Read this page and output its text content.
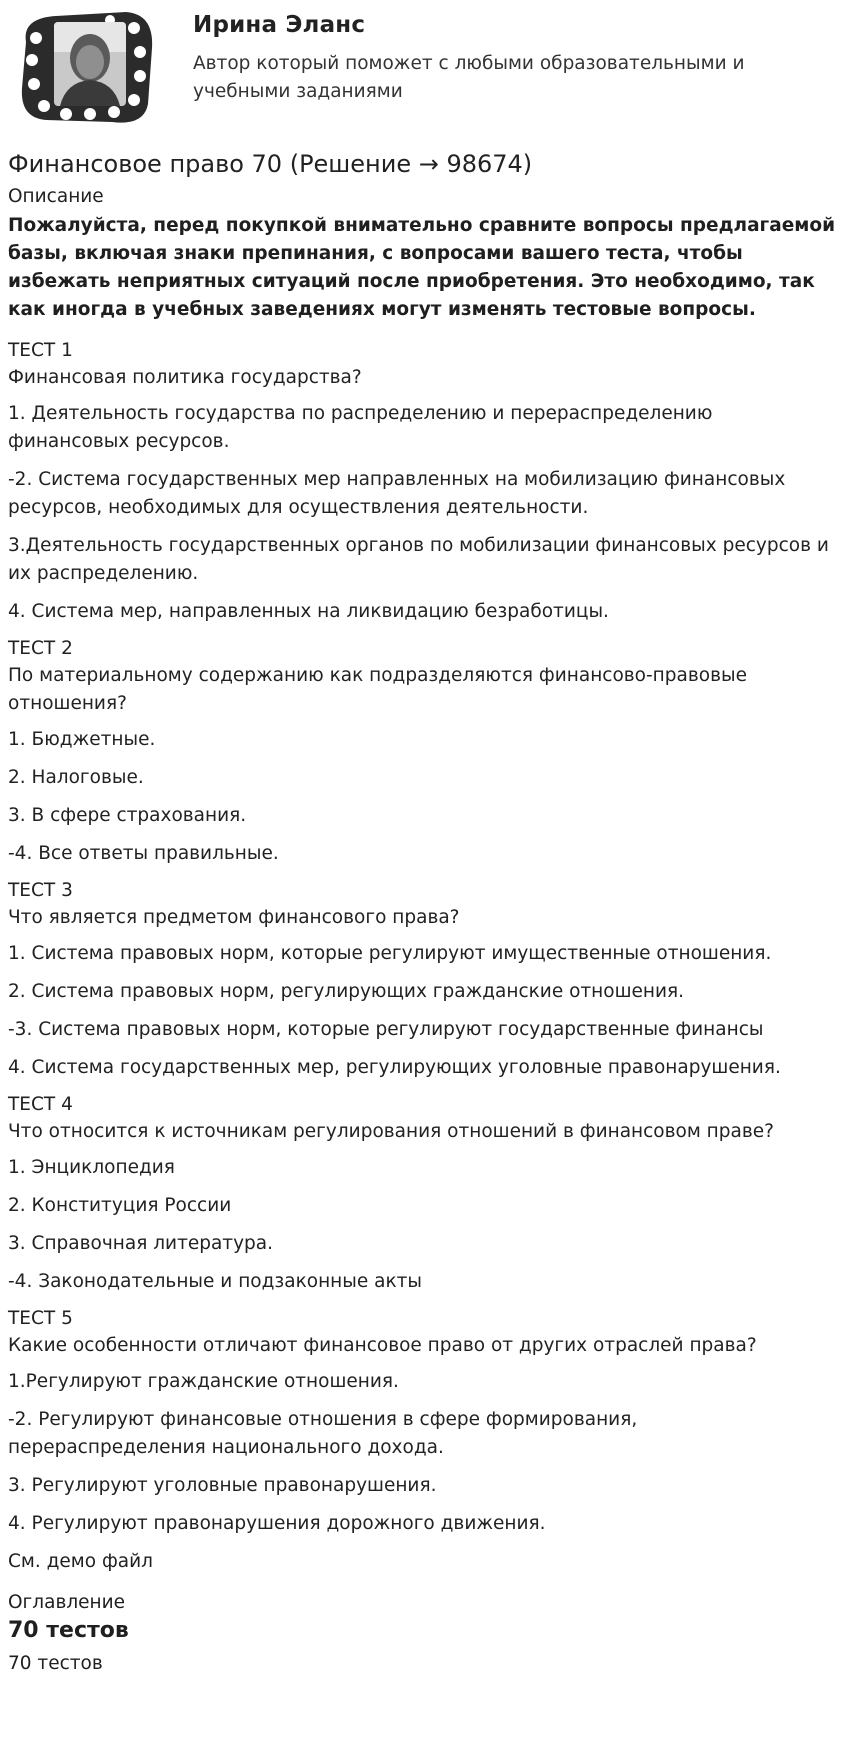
Ирина Эланс
Автор который поможет с любыми образовательными и учебными заданиями
Финансовое право 70 (Решение → 98674)
Описание
Пожалуйста, перед покупкой внимательно сравните вопросы предлагаемой базы, включая знаки препинания, с вопросами вашего теста, чтобы избежать неприятных ситуаций после приобретения. Это необходимо, так как иногда в учебных заведениях могут изменять тестовые вопросы.
ТЕСТ 1
Финансовая политика государства?
1. Деятельность государства по распределению и перераспределению финансовых ресурсов.
-2. Система государственных мер направленных на мобилизацию финансовых ресурсов, необходимых для осуществления деятельности.
3.Деятельность государственных органов по мобилизации финансовых ресурсов и их распределению.
4. Система мер, направленных на ликвидацию безработицы.
ТЕСТ 2
По материальному содержанию как подразделяются финансово-правовые отношения?
1. Бюджетные.
2. Налоговые.
3. В сфере страхования.
-4. Все ответы правильные.
ТЕСТ 3
Что является предметом финансового права?
1. Система правовых норм, которые регулируют имущественные отношения.
2. Система правовых норм, регулирующих гражданские отношения.
-3. Система правовых норм, которые регулируют государственные финансы
4. Система государственных мер, регулирующих уголовные правонарушения.
ТЕСТ 4
Что относится к источникам регулирования отношений в финансовом праве?
1. Энциклопедия
2. Конституция России
3. Справочная литература.
-4. Законодательные и подзаконные акты
ТЕСТ 5
Какие особенности отличают финансовое право от других отраслей права?
1.Регулируют гражданские отношения.
-2. Регулируют финансовые отношения в сфере формирования, перераспределения национального дохода.
3. Регулируют уголовные правонарушения.
4. Регулируют правонарушения дорожного движения.
См. демо файл
Оглавление
70 тестов
70 тестов
